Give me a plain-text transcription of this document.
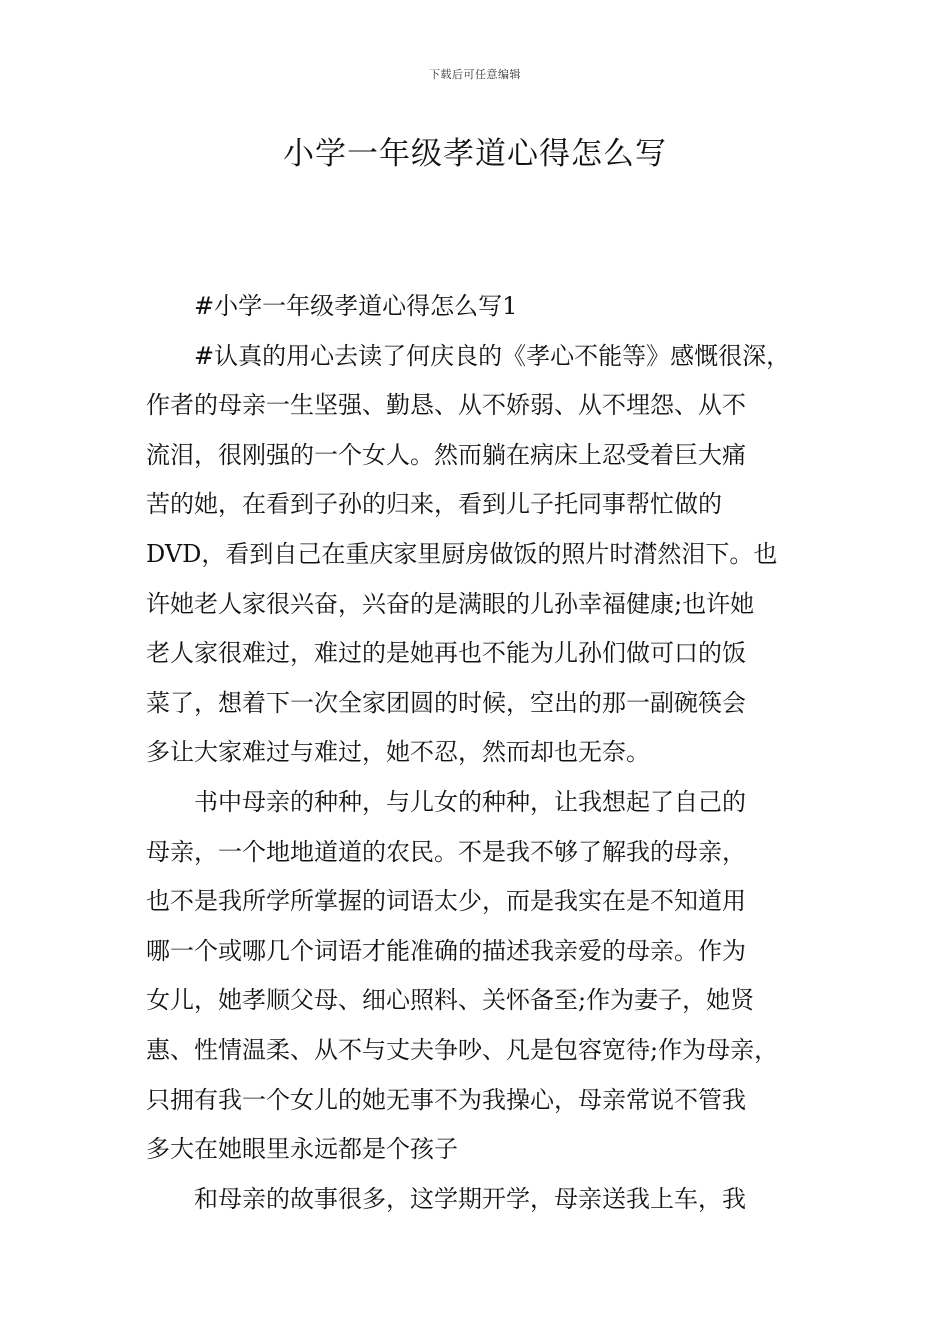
下载后可任意编辑
小学一年级孝道心得怎么写

#小学一年级孝道心得怎么写1

#认真的用心去读了何庆良的《孝心不能等》感慨很深，
作者的母亲一生坚强、勤恳、从不娇弱、从不埋怨、从不
流泪，很刚强的一个女人。然而躺在病床上忍受着巨大痛
苦的她，在看到子孙的归来，看到儿子托同事帮忙做的
DVD，看到自己在重庆家里厨房做饭的照片时潸然泪下。也
许她老人家很兴奋，兴奋的是满眼的儿孙幸福健康;也许她
老人家很难过，难过的是她再也不能为儿孙们做可口的饭
菜了，想着下一次全家团圆的时候，空出的那一副碗筷会
多让大家难过与难过，她不忍，然而却也无奈。

书中母亲的种种，与儿女的种种，让我想起了自己的
母亲，一个地地道道的农民。不是我不够了解我的母亲，
也不是我所学所掌握的词语太少，而是我实在是不知道用
哪一个或哪几个词语才能准确的描述我亲爱的母亲。作为
女儿，她孝顺父母、细心照料、关怀备至;作为妻子，她贤
惠、性情温柔、从不与丈夫争吵、凡是包容宽待;作为母亲，
只拥有我一个女儿的她无事不为我操心，母亲常说不管我
多大在她眼里永远都是个孩子

和母亲的故事很多，这学期开学，母亲送我上车，我
